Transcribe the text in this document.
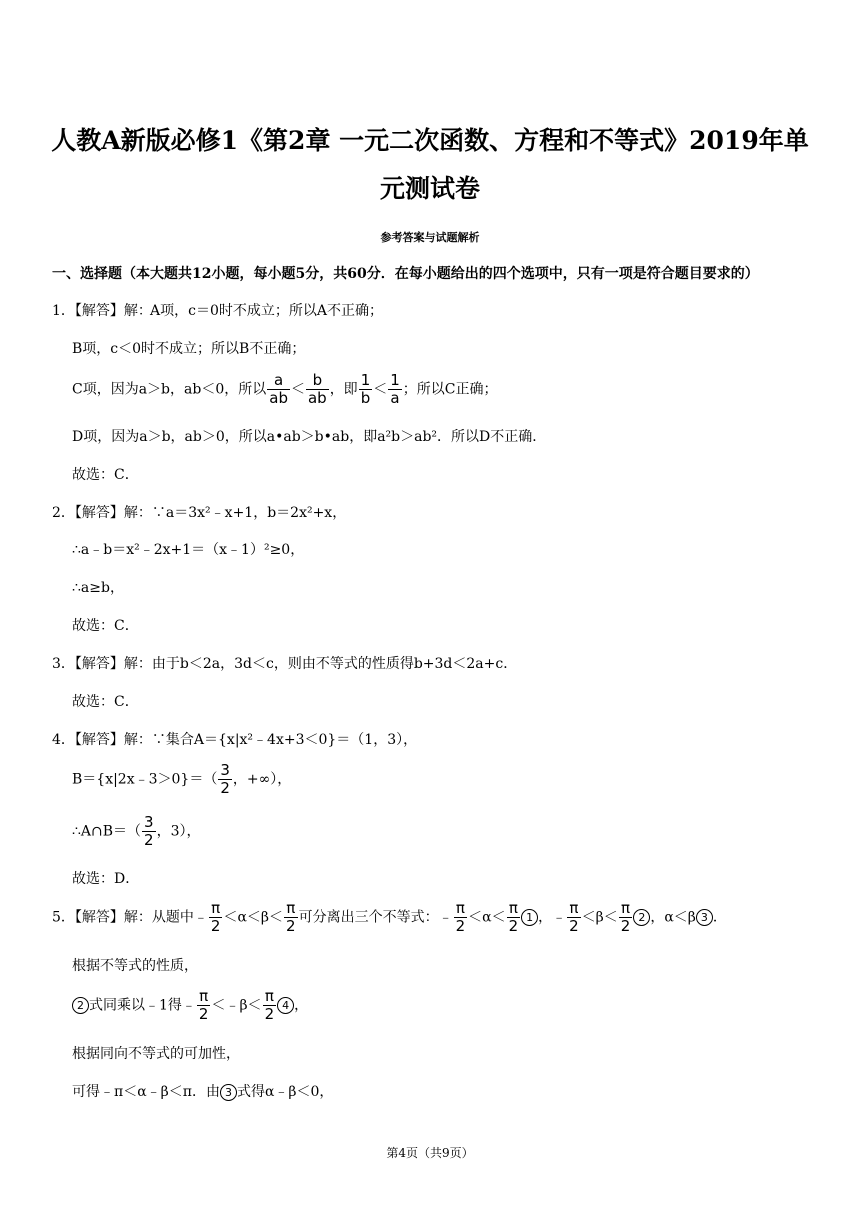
人教A新版必修1《第2章 一元二次函数、方程和不等式》2019年单
元测试卷
参考答案与试题解析
一、选择题（本大题共12小题，每小题5分，共60分．在每小题给出的四个选项中，只有一项是符合题目要求的）
1．【解答】解：
A项，c＝0时不成立；所以A不正确；
B项，c＜0时不成立；所以B不正确；
C项，因为a＞b，ab＜0，所以 $\frac{a}{ab} < \frac{b}{ab}$ ，即 $\frac{1}{b} < \frac{1}{a}$ ；所以C正确；
D项，因为a＞b，ab＞0，所以a•ab＞b•ab，即a²b＞ab²．所以D不正确．
故选：C．
2．【解答】解：∵a＝3x²﹣x+1，b＝2x²+x，
∴a﹣b＝x²﹣2x+1＝（x﹣1）²≥0，
∴a≥b，
故选：C．
3．【解答】解：由于b＜2a，3d＜c，则由不等式的性质得b+3d＜2a+c．
故选：C．
4．【解答】解：∵集合A＝{x|x²﹣4x+3＜0}＝（1，3），
B＝{x|2x﹣3＞0}＝（ $\frac{3}{2}$ ，+∞），
∴A∩B＝（ $\frac{3}{2}$ ，3），
故选：D．
5．【解答】解：从题中﹣ $\frac{\pi}{2} <\alpha<\beta< \frac{\pi}{2}$ 可分离出三个不等式：﹣ $\frac{\pi}{2} <\alpha< \frac{\pi}{2} 1$ ，﹣ $\frac{\pi}{2} <\beta< \frac{\pi}{2} 2$ ，α＜β 3 ．
根据不等式的性质，
2 式同乘以﹣1得﹣ $\frac{\pi}{2}$ ＜﹣β＜ $\frac{\pi}{2} 4$ ，
根据同向不等式的可加性，
可得﹣π＜α﹣β＜π．由 3 式得α﹣β＜0，
第4页（共9页）
